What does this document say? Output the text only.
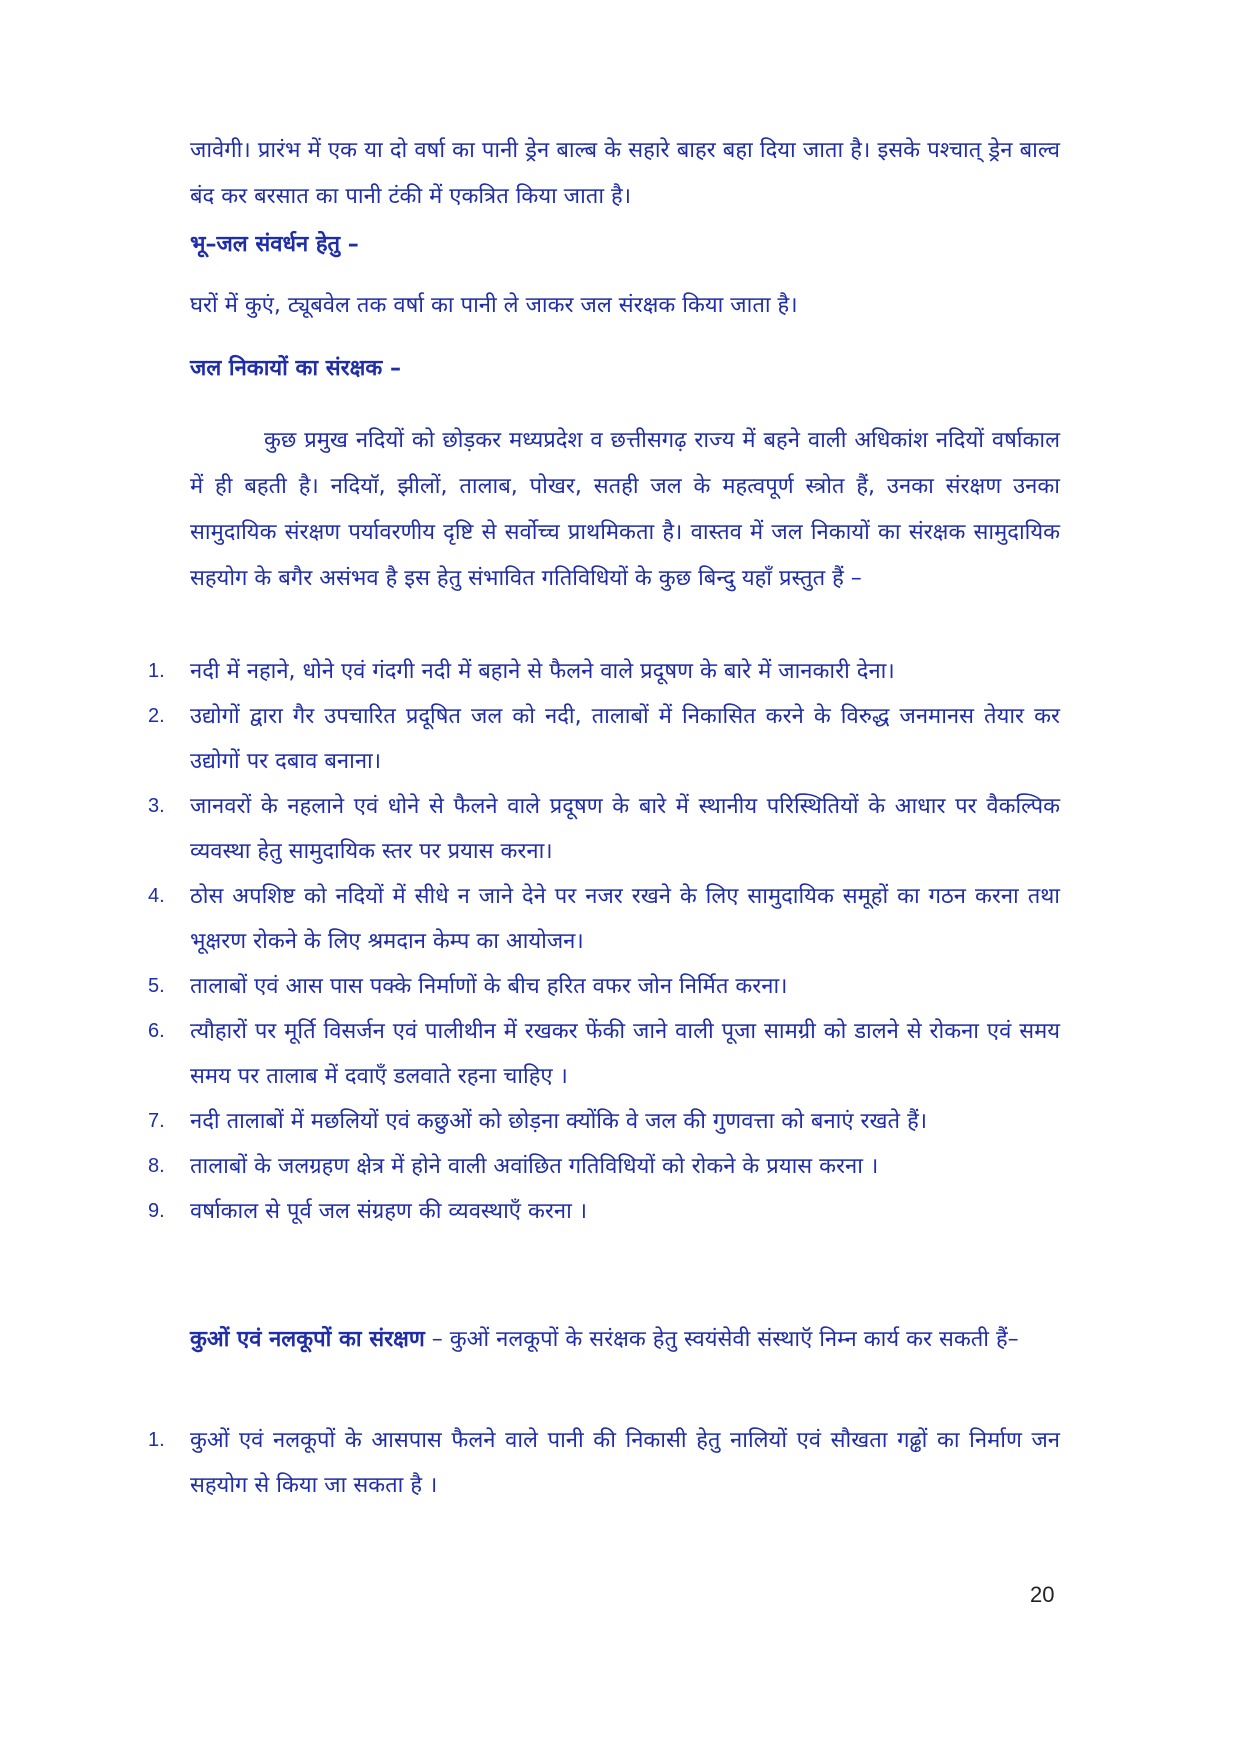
जावेगी। प्रारंभ में एक या दो वर्षा का पानी ड्रेन बाल्ब के सहारे बाहर बहा दिया जाता है। इसके पश्चात् ड्रेन बाल्व बंद कर बरसात का पानी टंकी में एकत्रित किया जाता है।

भू–जल संवर्धन हेतु –

घरों में कुएं, ट्यूबवेल तक वर्षा का पानी ले जाकर जल संरक्षक किया जाता है।

जल निकायों का संरक्षक –

कुछ प्रमुख नदियों को छोड़कर मध्यप्रदेश व छत्तीसगढ़ राज्य में बहने वाली अधिकांश नदियों वर्षाकाल में ही बहती है। नदियॉ, झीलों, तालाब, पोखर, सतही जल के महत्वपूर्ण स्त्रोत हैं, उनका संरक्षण उनका सामुदायिक संरक्षण पर्यावरणीय दृष्टि से सर्वोच्च प्राथमिकता है। वास्तव में जल निकायों का संरक्षक सामुदायिक सहयोग के बगैर असंभव है इस हेतु संभावित गतिविधियों के कुछ बिन्दु यहॉं प्रस्तुत हैं –

1. नदी में नहाने, धोने एवं गंदगी नदी में बहाने से फैलने वाले प्रदूषण के बारे में जानकारी देना।
2. उद्योगों द्वारा गैर उपचारित प्रदूषित जल को नदी, तालाबों में निकासित करने के विरुद्ध जनमानस तेयार कर उद्योगों पर दबाव बनाना।
3. जानवरों के नहलाने एवं धोने से फैलने वाले प्रदूषण के बारे में स्थानीय परिस्थितियों के आधार पर वैकल्पिक व्यवस्था हेतु सामुदायिक स्तर पर प्रयास करना।
4. ठोस अपशिष्ट को नदियों में सीधे न जाने देने पर नजर रखने के लिए सामुदायिक समूहों का गठन करना तथा भूक्षरण रोकने के लिए श्रमदान केम्प का आयोजन।
5. तालाबों एवं आस पास पक्के निर्माणों के बीच हरित वफर जोन निर्मित करना।
6. त्यौहारों पर मूर्ति विसर्जन एवं पालीथीन में रखकर फेंकी जाने वाली पूजा सामग्री को डालने से रोकना एवं समय समय पर तालाब में दवाएँ डलवाते रहना चाहिए ।
7. नदी तालाबों में मछलियों एवं कछुओं को छोड़ना क्योंकि वे जल की गुणवत्ता को बनाएं रखते हैं।
8. तालाबों के जलग्रहण क्षेत्र में होने वाली अवांछित गतिविधियों को रोकने के प्रयास करना ।
9. वर्षाकाल से पूर्व जल संग्रहण की व्यवस्थाएँ करना ।

कुओं एवं नलकूपों का संरक्षण – कुओं नलकूपों के सरंक्षक हेतु स्वयंसेवी संस्थाऍ निम्न कार्य कर सकती हैं–

1. कुओं एवं नलकूपों के आसपास फैलने वाले पानी की निकासी हेतु नालियों एवं सौखता गढ्ढों का निर्माण जन सहयोग से किया जा सकता है ।
20
